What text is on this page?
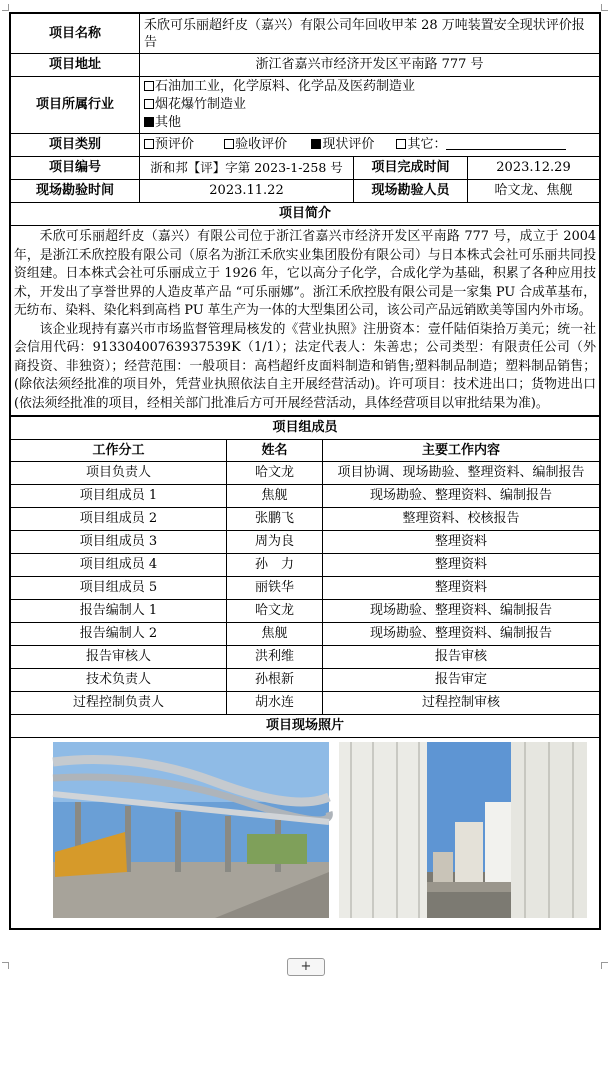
项目名称	禾欣可乐丽超纤皮（嘉兴）有限公司年回收甲苯 28 万吨装置安全现状评价报告		
项目地址	浙江省嘉兴市经济开发区平南路 777 号		
项目所属行业	石油加工业，化学原料、化学品及医药制造业
烟花爆竹制造业
其他		

项目类别	预评价 验收评价 现状评价 其它：		
项目编号	浙和邦【评】字第 2023-1-258 号	项目完成时间	2023.12.29
现场勘验时间	2023.11.22	现场勘验人员	哈文龙、焦舰
项目简介			

禾欣可乐丽超纤皮（嘉兴）有限公司位于浙江省嘉兴市经济开发区平南路 777 号，成立于 2004 年，是浙江禾欣控股有限公司（原名为浙江禾欣实业集团股份有限公司）与日本株式会社可乐丽共同投资组建。日本株式会社可乐丽成立于 1926 年，它以高分子化学，合成化学为基础，积累了各种应用技术，开发出了享誉世界的人造皮革产品 “可乐丽娜”。浙江禾欣控股有限公司是一家集 PU 合成革基布，无纺布、染料、染化料到高档 PU 革生产为一体的大型集团公司，该公司产品远销欧美等国内外市场。

该企业现持有嘉兴市市场监督管理局核发的《营业执照》注册资本：壹仟陆佰柒拾万美元；统一社会信用代码：91330400763937539K（1/1）；法定代表人：朱善忠；公司类型：有限责任公司（外商投资、非独资）；经营范围：一般项目：高档超纤皮面料制造和销售;塑料制品制造；塑料制品销售；(除依法须经批准的项目外，凭营业执照依法自主开展经营活动)。许可项目：技术进出口；货物进出口(依法须经批准的项目，经相关部门批准后方可开展经营活动，具体经营项目以审批结果为准)。			

项目组成员		
工作分工	姓名	主要工作内容
项目负责人	哈文龙	项目协调、现场勘验、整理资料、编制报告
项目组成员 1	焦舰	现场勘验、整理资料、编制报告
项目组成员 2	张鹏飞	整理资料、校核报告
项目组成员 3	周为良	整理资料
项目组成员 4	孙　力	整理资料
项目组成员 5	丽铁华	整理资料
报告编制人 1	哈文龙	现场勘验、整理资料、编制报告
报告编制人 2	焦舰	现场勘验、整理资料、编制报告
报告审核人	洪利维	报告审核
技术负责人	孙根新	报告审定
过程控制负责人	胡水连	过程控制审核
项目现场照片		

+
